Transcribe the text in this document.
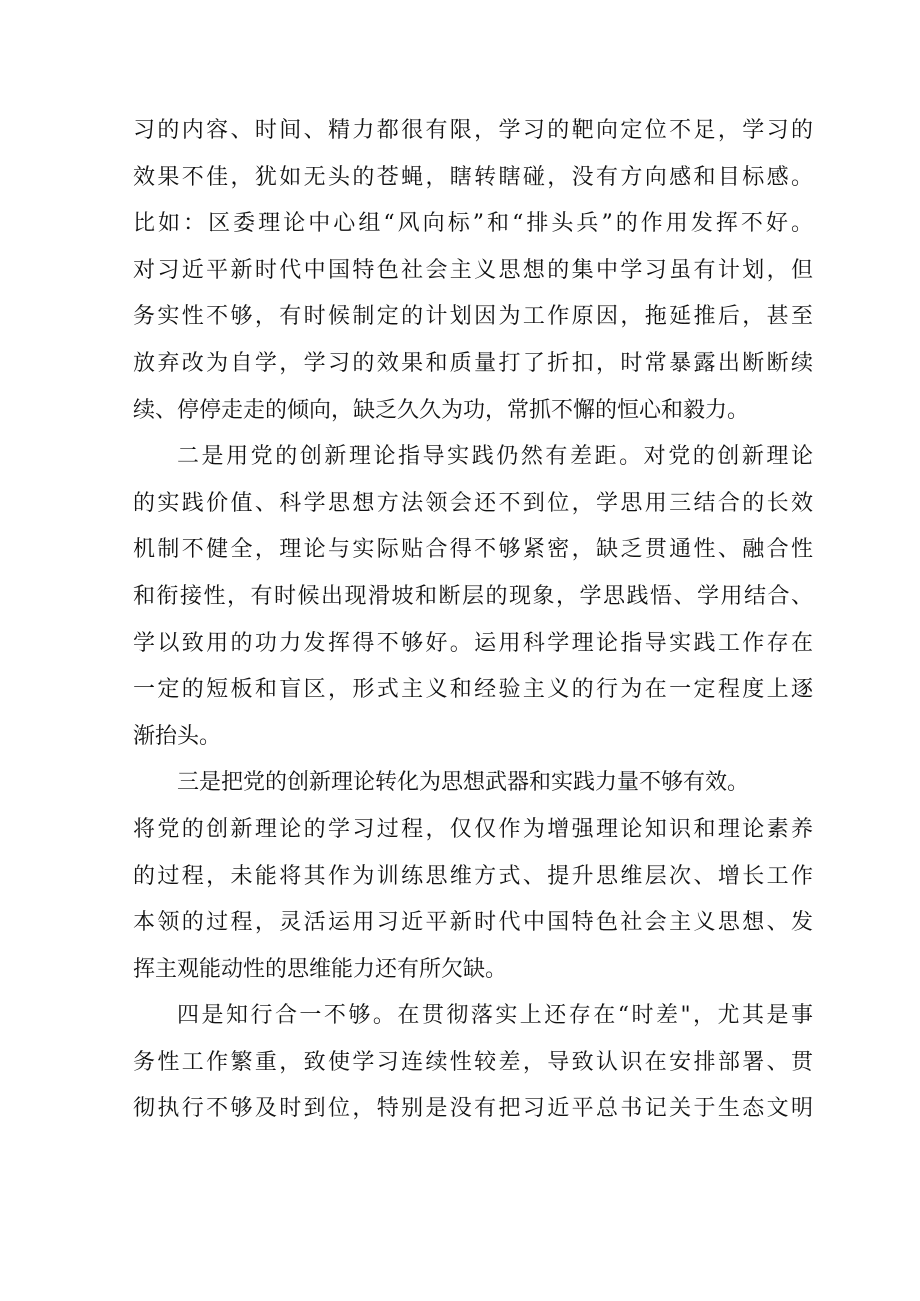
习的内容、时间、精力都很有限，学习的靶向定位不足，学习的
效果不佳，犹如无头的苍蝇，瞎转瞎碰，没有方向感和目标感。
比如：区委理论中心组“风向标”和“排头兵”的作用发挥不好。
对习近平新时代中国特色社会主义思想的集中学习虽有计划，但
务实性不够，有时候制定的计划因为工作原因，拖延推后，甚至
放弃改为自学，学习的效果和质量打了折扣，时常暴露出断断续
续、停停走走的倾向，缺乏久久为功，常抓不懈的恒心和毅力。
二是用党的创新理论指导实践仍然有差距。对党的创新理论
的实践价值、科学思想方法领会还不到位，学思用三结合的长效
机制不健全，理论与实际贴合得不够紧密，缺乏贯通性、融合性
和衔接性，有时候出现滑坡和断层的现象，学思践悟、学用结合、
学以致用的功力发挥得不够好。运用科学理论指导实践工作存在
一定的短板和盲区，形式主义和经验主义的行为在一定程度上逐
渐抬头。
三是把党的创新理论转化为思想武器和实践力量不够有效。
将党的创新理论的学习过程，仅仅作为增强理论知识和理论素养
的过程，未能将其作为训练思维方式、提升思维层次、增长工作
本领的过程，灵活运用习近平新时代中国特色社会主义思想、发
挥主观能动性的思维能力还有所欠缺。
四是知行合一不够。在贯彻落实上还存在“时差"，尤其是事
务性工作繁重，致使学习连续性较差，导致认识在安排部署、贯
彻执行不够及时到位，特别是没有把习近平总书记关于生态文明
